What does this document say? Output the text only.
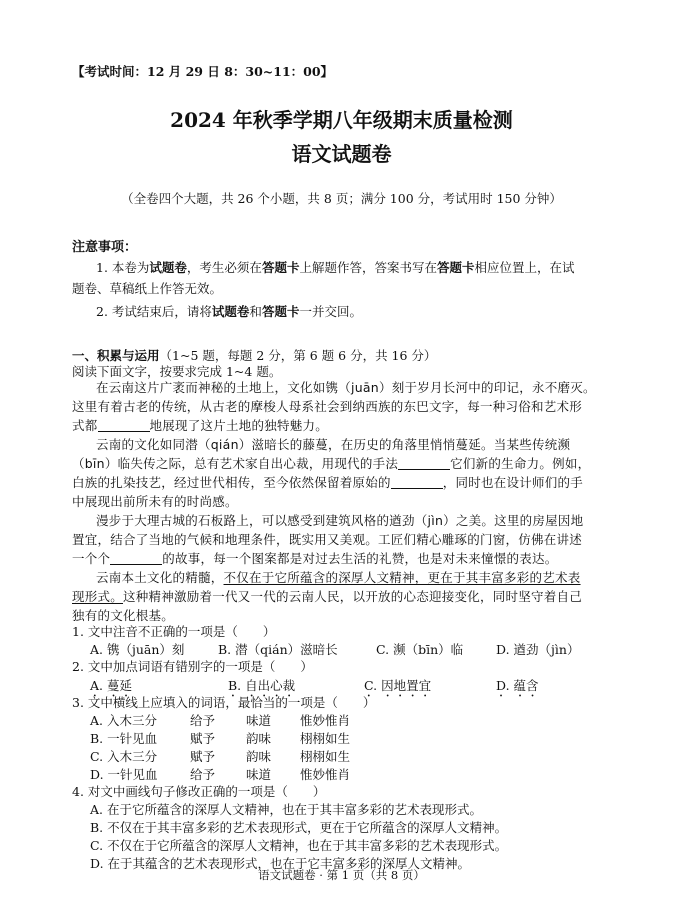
【考试时间：12 月 29 日 8：30~11：00】
2024 年秋季学期八年级期末质量检测
语文试题卷
（全卷四个大题，共 26 个小题，共 8 页；满分 100 分，考试用时 150 分钟）
注意事项：
1. 本卷为试题卷，考生必须在答题卡上解题作答，答案书写在答题卡相应位置上，在试
题卷、草稿纸上作答无效。
2. 考试结束后，请将试题卷和答题卡一并交回。
一、积累与运用（1~5 题，每题 2 分，第 6 题 6 分，共 16 分）
阅读下面文字，按要求完成 1~4 题。
在云南这片广袤而神秘的土地上，文化如镌（juān）刻于岁月长河中的印记，永不磨灭。
这里有着古老的传统，从古老的摩梭人母系社会到纳西族的东巴文字，每一种习俗和艺术形
式都	地展现了这片土地的独特魅力。
云南的文化如同潜（qián）滋暗长的藤蔓，在历史的角落里悄悄蔓延。当某些传统濒
（bīn）临失传之际，总有艺术家自出心裁，用现代的手法	它们新的生命力。例如，
白族的扎染技艺，经过世代相传，至今依然保留着原始的	，同时也在设计师们的手
中展现出前所未有的时尚感。
漫步于大理古城的石板路上，可以感受到建筑风格的遒劲（jìn）之美。这里的房屋因地
置宜，结合了当地的气候和地理条件，既实用又美观。工匠们精心雕琢的门窗，仿佛在讲述
一个个	的故事，每一个图案都是对过去生活的礼赞，也是对未来憧憬的表达。
云南本土文化的精髓，不仅在于它所蕴含的深厚人文精神，更在于其丰富多彩的艺术表
现形式。这种精神激励着一代又一代的云南人民，以开放的心态迎接变化，同时坚守着自己
独有的文化根基。
1. 文中注音不正确的一项是（　　）
A. 镌（juān）刻	B. 潜（qián）滋暗长	C. 濒（bīn）临	D. 遒劲（jìn）
2. 文中加点词语有错别字的一项是（　　）
A. 蔓延	B. 自出心裁	C. 因地置宜	D. 蕴含
3. 文中横线上应填入的词语，最恰当的一项是（　　）
A. 入木三分	给予 味道 惟妙惟肖
B. 一针见血	赋予 韵味 栩栩如生
C. 入木三分	赋予 韵味 栩栩如生
D. 一针见血	给予 味道 惟妙惟肖
4. 对文中画线句子修改正确的一项是（　　）
A. 在于它所蕴含的深厚人文精神，也在于其丰富多彩的艺术表现形式。
B. 不仅在于其丰富多彩的艺术表现形式，更在于它所蕴含的深厚人文精神。
C. 不仅在于它所蕴含的深厚人文精神，也在于其丰富多彩的艺术表现形式。
D. 在于其蕴含的艺术表现形式，也在于它丰富多彩的深厚人文精神。
语文试题卷 · 第 1 页（共 8 页）
